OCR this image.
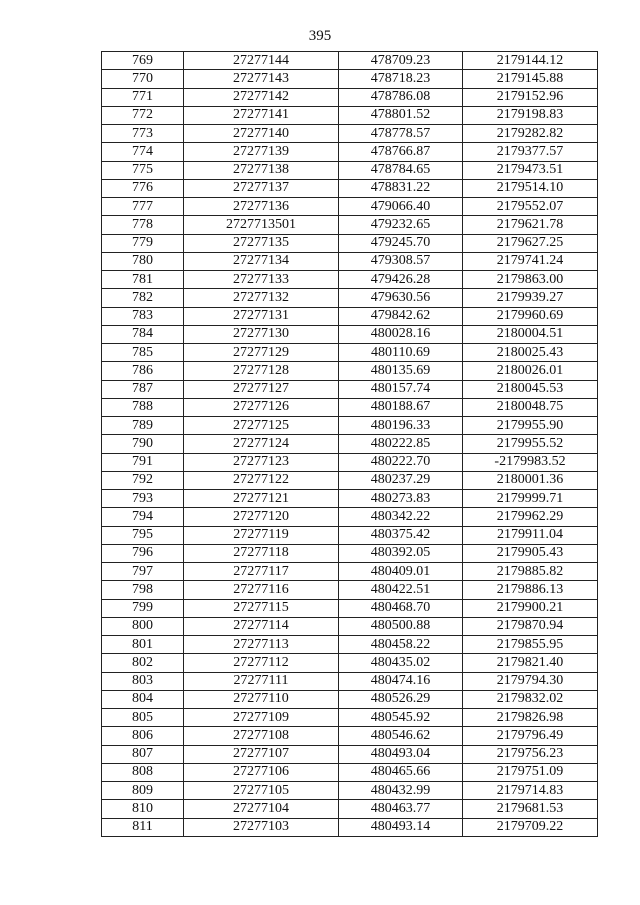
395
769	27277144	478709.23	2179144.12
770	27277143	478718.23	2179145.88
771	27277142	478786.08	2179152.96
772	27277141	478801.52	2179198.83
773	27277140	478778.57	2179282.82
774	27277139	478766.87	2179377.57
775	27277138	478784.65	2179473.51
776	27277137	478831.22	2179514.10
777	27277136	479066.40	2179552.07
778	2727713501	479232.65	2179621.78
779	27277135	479245.70	2179627.25
780	27277134	479308.57	2179741.24
781	27277133	479426.28	2179863.00
782	27277132	479630.56	2179939.27
783	27277131	479842.62	2179960.69
784	27277130	480028.16	2180004.51
785	27277129	480110.69	2180025.43
786	27277128	480135.69	2180026.01
787	27277127	480157.74	2180045.53
788	27277126	480188.67	2180048.75
789	27277125	480196.33	2179955.90
790	27277124	480222.85	2179955.52
791	27277123	480222.70	-2179983.52
792	27277122	480237.29	2180001.36
793	27277121	480273.83	2179999.71
794	27277120	480342.22	2179962.29
795	27277119	480375.42	2179911.04
796	27277118	480392.05	2179905.43
797	27277117	480409.01	2179885.82
798	27277116	480422.51	2179886.13
799	27277115	480468.70	2179900.21
800	27277114	480500.88	2179870.94
801	27277113	480458.22	2179855.95
802	27277112	480435.02	2179821.40
803	27277111	480474.16	2179794.30
804	27277110	480526.29	2179832.02
805	27277109	480545.92	2179826.98
806	27277108	480546.62	2179796.49
807	27277107	480493.04	2179756.23
808	27277106	480465.66	2179751.09
809	27277105	480432.99	2179714.83
810	27277104	480463.77	2179681.53
811	27277103	480493.14	2179709.22
